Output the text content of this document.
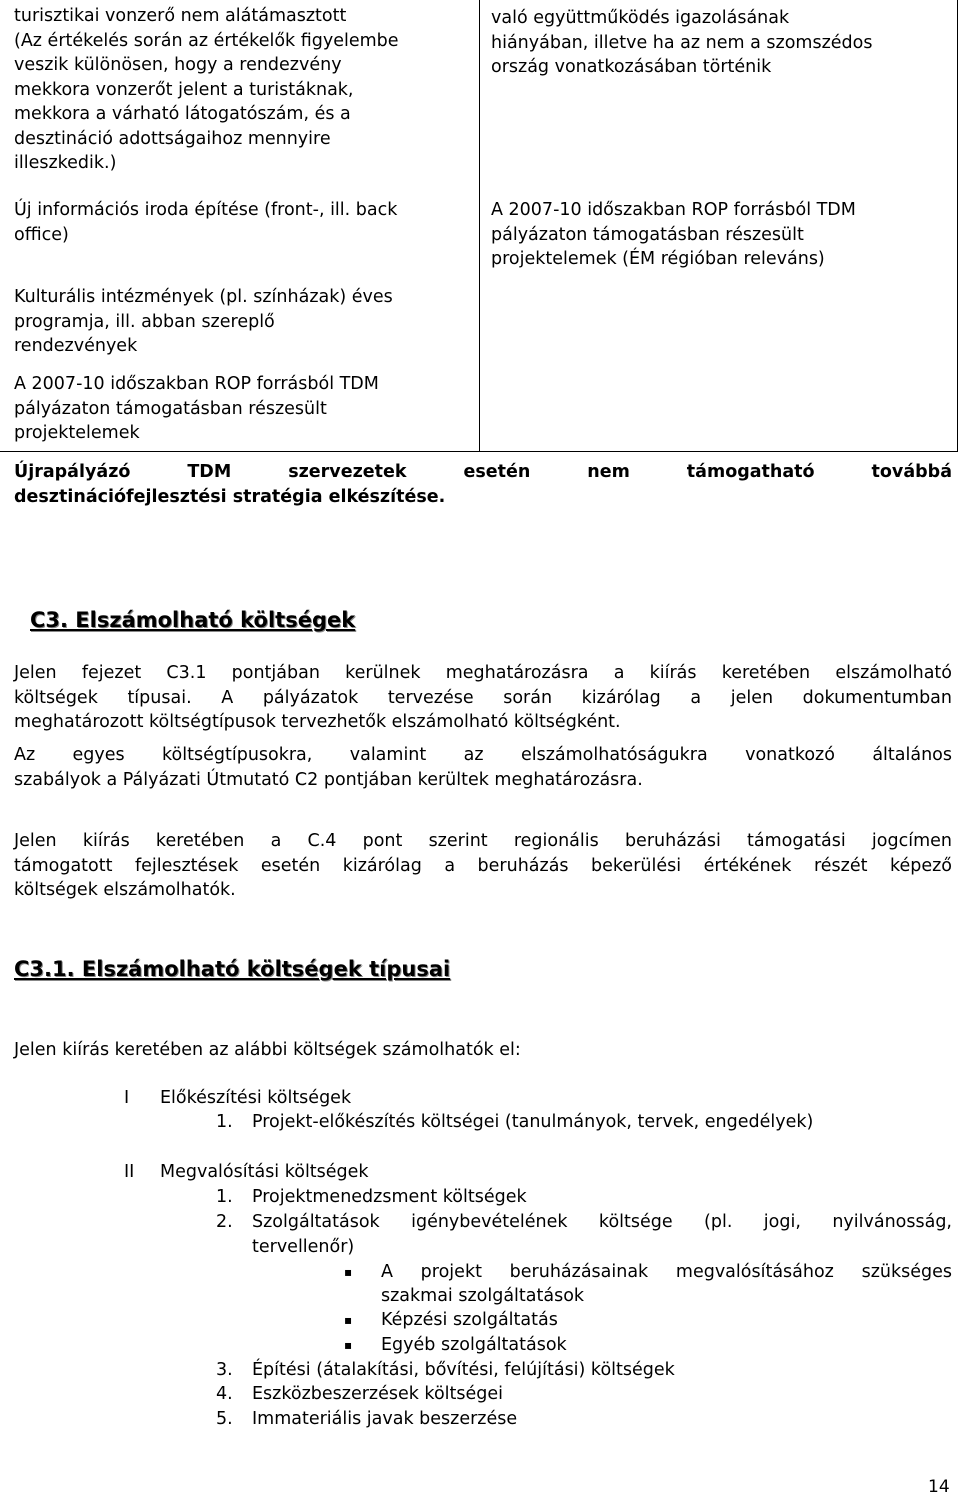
turisztikai vonzerő nem alátámasztott

(Az értékelés során az értékelők figyelembe

veszik különösen, hogy a rendezvény

mekkora vonzerőt jelent a turistáknak,

mekkora a várható látogatószám, és a

desztináció adottságaihoz mennyire

illeszkedik.)

Új információs iroda építése (front-, ill. back

office)

Kulturális intézmények (pl. színházak) éves

programja, ill. abban szereplő

rendezvények

A 2007-10 időszakban ROP forrásból TDM

pályázaton támogatásban részesült

projektelemek

való együttműködés igazolásának

hiányában, illetve ha az nem a szomszédos

ország vonatkozásában történik

A 2007-10 időszakban ROP forrásból TDM

pályázaton támogatásban részesült

projektelemek (ÉM régióban releváns)

Újrapályázó TDM szervezetek esetén nem támogatható továbbá
desztinációfejlesztési stratégia elkészítése.
C3. Elszámolható költségek
Jelen fejezet C3.1 pontjában kerülnek meghatározásra a kiírás keretében elszámolható
költségek típusai. A pályázatok tervezése során kizárólag a jelen dokumentumban
meghatározott költségtípusok tervezhetők elszámolható költségként.
Az egyes költségtípusokra, valamint az elszámolhatóságukra vonatkozó általános
szabályok a Pályázati Útmutató C2 pontjában kerültek meghatározásra.
Jelen kiírás keretében a C.4 pont szerint regionális beruházási támogatási jogcímen
támogatott fejlesztések esetén kizárólag a beruházás bekerülési értékének részét képező
költségek elszámolhatók.
C3.1. Elszámolható költségek típusai
Jelen kiírás keretében az alábbi költségek számolhatók el:
I Előkészítési költségek
1. Projekt-előkészítés költségei (tanulmányok, tervek, engedélyek)
II Megvalósítási költségek
1. Projektmenedzsment költségek
2. Szolgáltatások igénybevételének költsége (pl. jogi, nyilvánosság,
tervellenőr)
▪ A projekt beruházásainak megvalósításához szükséges
szakmai szolgáltatások
▪ Képzési szolgáltatás
▪ Egyéb szolgáltatások
3. Építési (átalakítási, bővítési, felújítási) költségek
4. Eszközbeszerzések költségei
5. Immateriális javak beszerzése
14
